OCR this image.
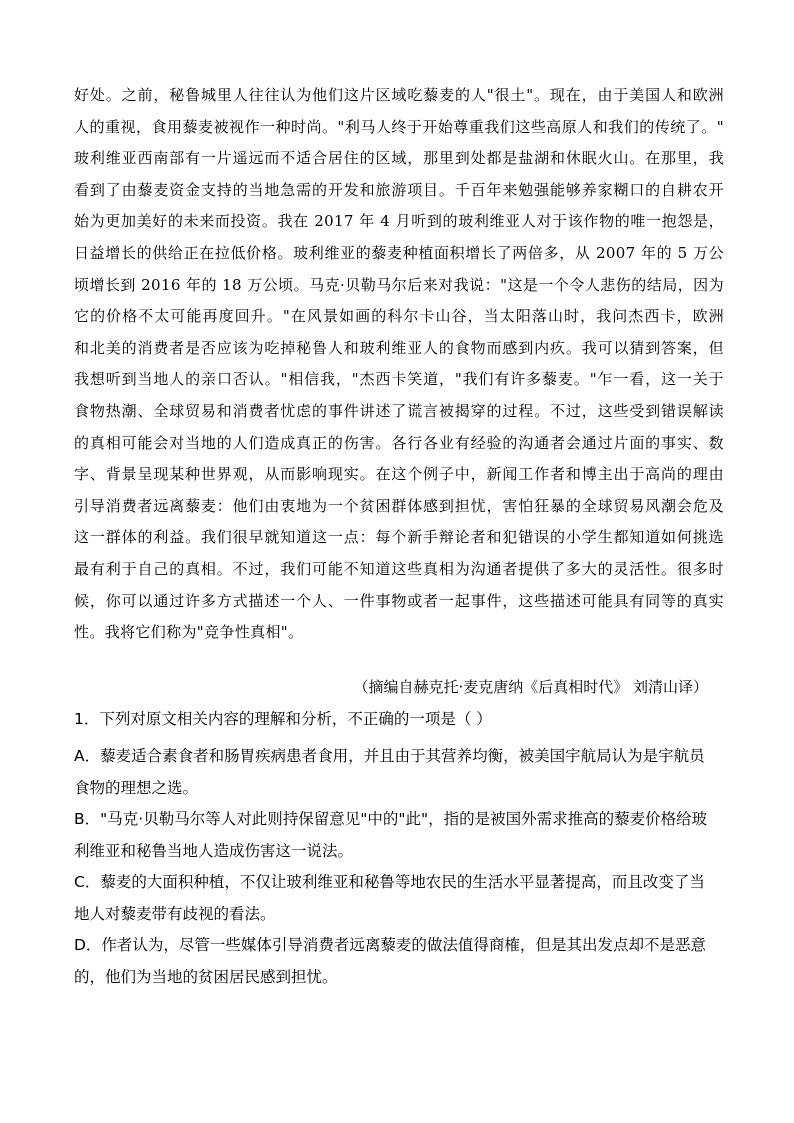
好处。之前，秘鲁城里人往往认为他们这片区域吃藜麦的人"很土"。现在，由于美国人和欧洲
人的重视，食用藜麦被视作一种时尚。"利马人终于开始尊重我们这些高原人和我们的传统了。"
玻利维亚西南部有一片遥远而不适合居住的区域，那里到处都是盐湖和休眠火山。在那里，我
看到了由藜麦资金支持的当地急需的开发和旅游项目。千百年来勉强能够养家糊口的自耕农开
始为更加美好的未来而投资。我在 2017 年 4 月听到的玻利维亚人对于该作物的唯一抱怨是，
日益增长的供给正在拉低价格。玻利维亚的藜麦种植面积增长了两倍多，从 2007 年的 5 万公
顷增长到 2016 年的 18 万公顷。马克·贝勒马尔后来对我说："这是一个令人悲伤的结局，因为
它的价格不太可能再度回升。"在风景如画的科尔卡山谷，当太阳落山时，我问杰西卡，欧洲
和北美的消费者是否应该为吃掉秘鲁人和玻利维亚人的食物而感到内疚。我可以猜到答案，但
我想听到当地人的亲口否认。"相信我，"杰西卡笑道，"我们有许多藜麦。"乍一看，这一关于
食物热潮、全球贸易和消费者忧虑的事件讲述了谎言被揭穿的过程。不过，这些受到错误解读
的真相可能会对当地的人们造成真正的伤害。各行各业有经验的沟通者会通过片面的事实、数
字、背景呈现某种世界观，从而影响现实。在这个例子中，新闻工作者和博主出于高尚的理由
引导消费者远离藜麦：他们由衷地为一个贫困群体感到担忧，害怕狂暴的全球贸易风潮会危及
这一群体的利益。我们很早就知道这一点：每个新手辩论者和犯错误的小学生都知道如何挑选
最有利于自己的真相。不过，我们可能不知道这些真相为沟通者提供了多大的灵活性。很多时
候，你可以通过许多方式描述一个人、一件事物或者一起事件，这些描述可能具有同等的真实
性。我将它们称为"竞争性真相"。
（摘编自赫克托·麦克唐纳《后真相时代》 刘清山译）
1．下列对原文相关内容的理解和分析，不正确的一项是（ ）
A．藜麦适合素食者和肠胃疾病患者食用，并且由于其营养均衡，被美国宇航局认为是宇航员
食物的理想之选。
B．"马克·贝勒马尔等人对此则持保留意见"中的"此"，指的是被国外需求推高的藜麦价格给玻
利维亚和秘鲁当地人造成伤害这一说法。
C．藜麦的大面积种植，不仅让玻利维亚和秘鲁等地农民的生活水平显著提高，而且改变了当
地人对藜麦带有歧视的看法。
D．作者认为，尽管一些媒体引导消费者远离藜麦的做法值得商榷，但是其出发点却不是恶意
的，他们为当地的贫困居民感到担忧。
